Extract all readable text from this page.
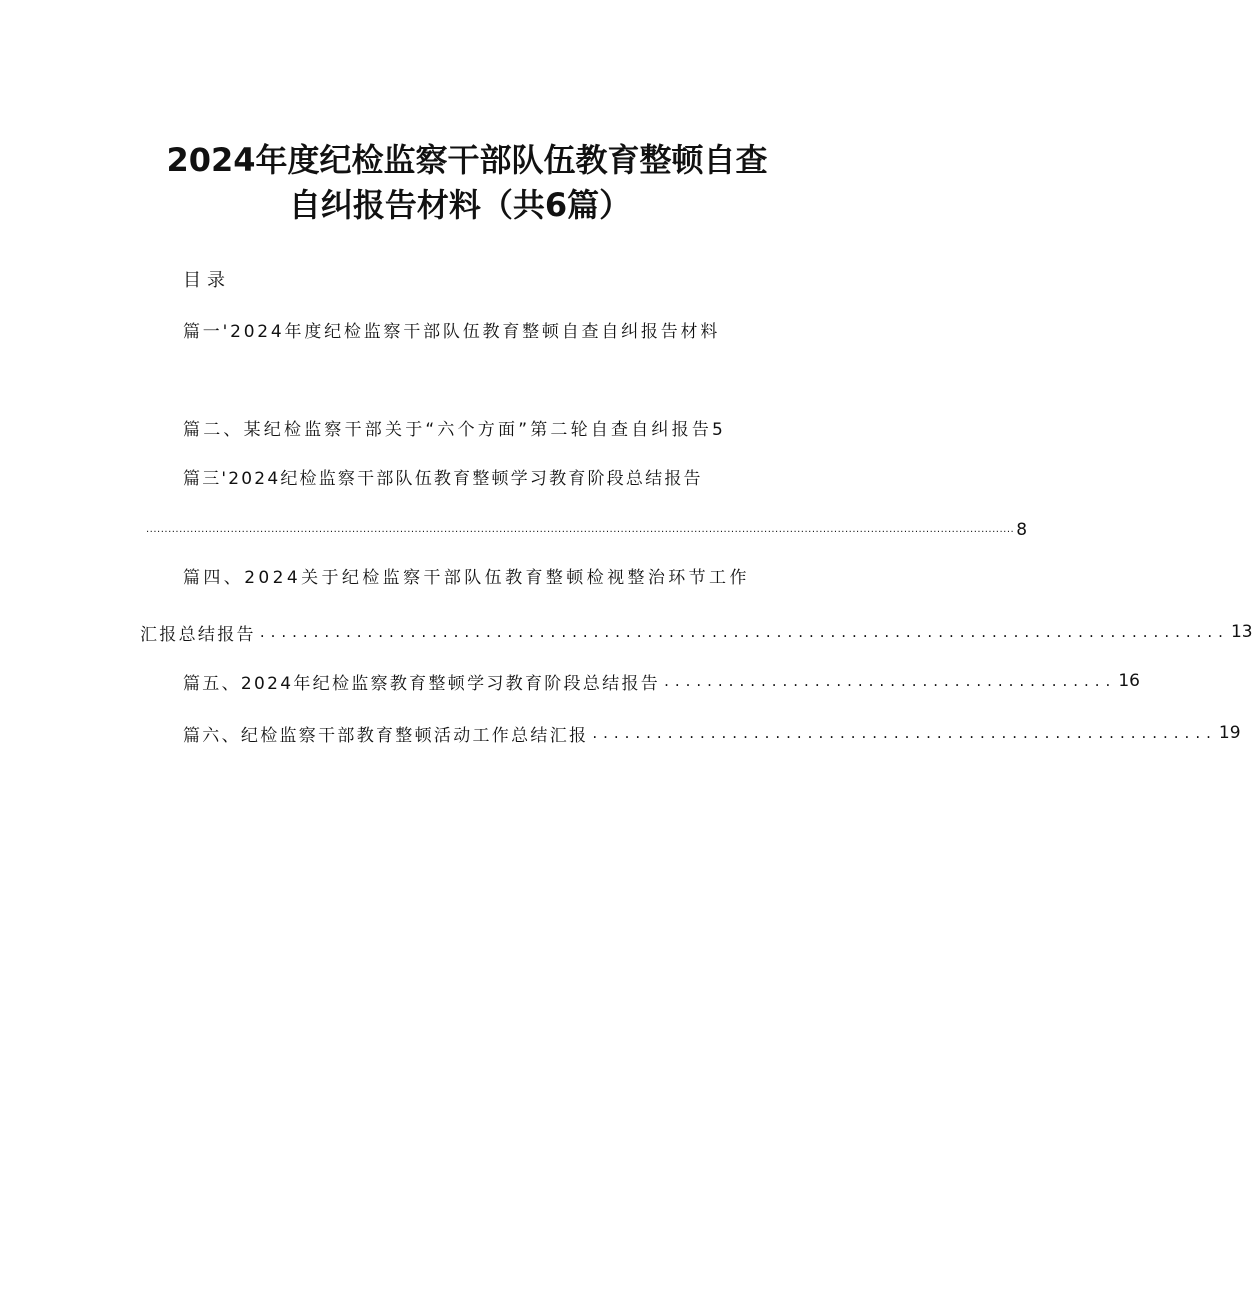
2024年度纪检监察干部队伍教育整顿自查
自纠报告材料（共6篇）
目录
篇一'2024年度纪检监察干部队伍教育整顿自查自纠报告材料
篇二、某纪检监察干部关于“六个方面”第二轮自查自纠报告5
篇三'2024纪检监察干部队伍教育整顿学习教育阶段总结报告
............................................................................................................................................................................................................................................ 8
篇四、2024关于纪检监察干部队伍教育整顿检视整治环节工作
汇报总结报告 .......................................................................................... 13
篇五、2024年纪检监察教育整顿学习教育阶段总结报告 .......................................... 16
篇六、纪检监察干部教育整顿活动工作总结汇报 .......................................................... 19
